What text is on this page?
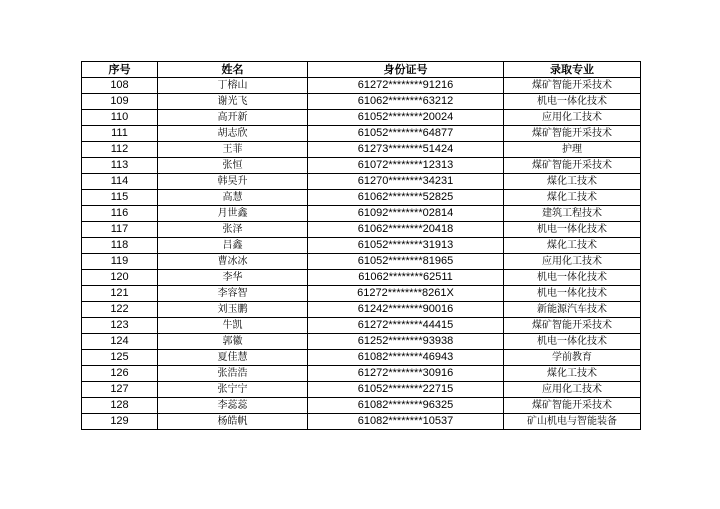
序号	姓名	身份证号	录取专业
108	丁榕山	61272********91216	煤矿智能开采技术
109	谢光飞	61062********63212	机电一体化技术
110	高开新	61052********20024	应用化工技术
111	胡志欣	61052********64877	煤矿智能开采技术
112	王菲	61273********51424	护理
113	张恒	61072********12313	煤矿智能开采技术
114	韩昊升	61270********34231	煤化工技术
115	高慧	61062********52825	煤化工技术
116	月世鑫	61092********02814	建筑工程技术
117	张泽	61062********20418	机电一体化技术
118	吕鑫	61052********31913	煤化工技术
119	曹冰冰	61052********81965	应用化工技术
120	李华	61062********62511	机电一体化技术
121	李容智	61272********8261X	机电一体化技术
122	刘玉鹏	61242********90016	新能源汽车技术
123	牛凯	61272********44415	煤矿智能开采技术
124	郭徽	61252********93938	机电一体化技术
125	夏佳慧	61082********46943	学前教育
126	张浩浩	61272********30916	煤化工技术
127	张宁宁	61052********22715	应用化工技术
128	李蕊蕊	61082********96325	煤矿智能开采技术
129	杨皓帆	61082********10537	矿山机电与智能装备
